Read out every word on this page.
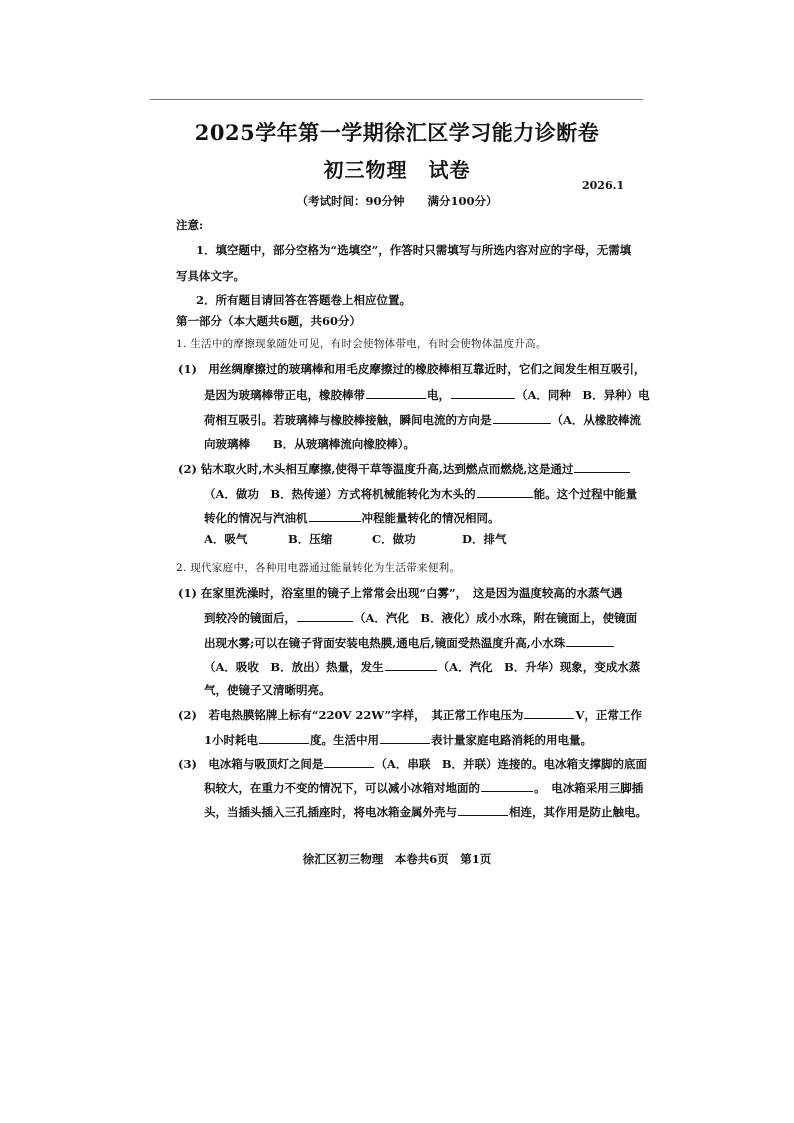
2025学年第一学期徐汇区学习能力诊断卷
初三物理　试卷
2026.1
（考试时间：90分钟　　满分100分）
注意:
1．填空题中，部分空格为“选填空”，作答时只需填写与所选内容对应的字母，无需填
写具体文字。
2．所有题目请回答在答题卷上相应位置。
第一部分（本大题共6题，共60分）
1. 生活中的摩擦现象随处可见，有时会使物体带电，有时会使物体温度升高。
(1)　用丝绸摩擦过的玻璃棒和用毛皮摩擦过的橡胶棒相互靠近时，它们之间发生相互吸引，
是因为玻璃棒带正电，橡胶棒带	电，	（A．同种　B．异种）电
荷相互吸引。若玻璃棒与橡胶棒接触，瞬间电流的方向是	（A．从橡胶棒流
向玻璃棒　　B．从玻璃棒流向橡胶棒）。
(2) 钻木取火时,木头相互摩擦,使得干草等温度升高,达到燃点而燃烧,这是通过
（A．做功　B．热传递）方式将机械能转化为木头的	能。这个过程中能量
转化的情况与汽油机	冲程能量转化的情况相同。
A．吸气	B．压缩	C．做功	D．排气
2. 现代家庭中，各种用电器通过能量转化为生活带来便利。
(1) 在家里洗澡时，浴室里的镜子上常常会出现“白雾”，　这是因为温度较高的水蒸气遇
到较冷的镜面后，	（A．汽化　B．液化）成小水珠，附在镜面上，使镜面
出现水雾;可以在镜子背面安装电热膜,通电后,镜面受热温度升高,小水珠
（A．吸收　B．放出）热量，发生	（A．汽化　B．升华）现象，变成水蒸
气，使镜子又清晰明亮。
(2)　若电热膜铭牌上标有“220V 22W”字样，　其正常工作电压为	V，正常工作
1小时耗电	度。生活中用	表计量家庭电路消耗的用电量。
(3)　电冰箱与吸顶灯之间是	（A．串联　B．并联）连接的。电冰箱支撑脚的底面
积较大，在重力不变的情况下，可以减小冰箱对地面的	。　电冰箱采用三脚插
头，当插头插入三孔插座时，将电冰箱金属外壳与	相连，其作用是防止触电。
徐汇区初三物理　本卷共6页　第1页
